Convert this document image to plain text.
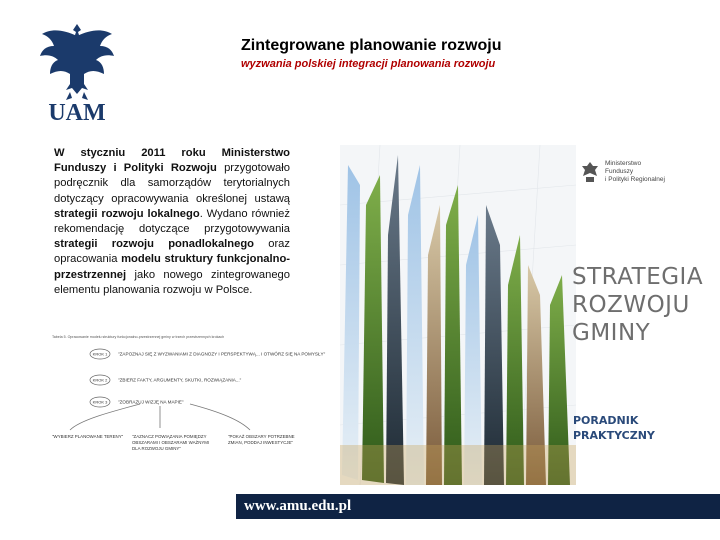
UAM
Zintegrowane planowanie rozwoju
wyzwania polskiej integracji planowania rozwoju
W styczniu 2011 roku Ministerstwo Funduszy i Polityki Rozwoju przygotowało podręcznik dla samorządów terytorialnych dotyczący opracowywania określonej ustawą strategii rozwoju lokalnego. Wydano również rekomendację dotyczące przygotowywania strategii rozwoju ponadlokalnego oraz opracowania modelu struktury funkcjonalno-przestrzennej jako nowego zintegrowanego elementu planowania rozwoju w Polsce.
Tabela 5. Opracowanie modelu struktury funkcjonalno-przestrzennej gminy w trzech przestrzennych krokach
KROK 1 "ZAPOZNAJ SIĘ Z WYZWANIAMI Z DIAGNOZY I PERSPEKTYWĄ... I OTWÓRZ SIĘ NA POMYSŁY"
KROK 2 "ZBIERZ FAKTY, ARGUMENTY, SKUTKI, ROZWIĄZANIA..."
KROK 3 "ZOBRAZUJ WIZJĘ NA MAPIE"
"WYBIERZ PLANOWANE TERENY" "ZAZNACZ POWIĄZANIA POMIĘDZY OBSZARAMI I OBSZARAMI WAŻNYMI DLA ROZWOJU GMINY"
"POKAŻ OBSZARY POTRZEBNE ZMIAN, PODDAJ INWESTYCJE"
Ministerstwo
Funduszy
i Polityki Regionalnej
STRATEGIA
ROZWOJU
GMINY
PORADNIK
PRAKTYCZNY
www.amu.edu.pl
